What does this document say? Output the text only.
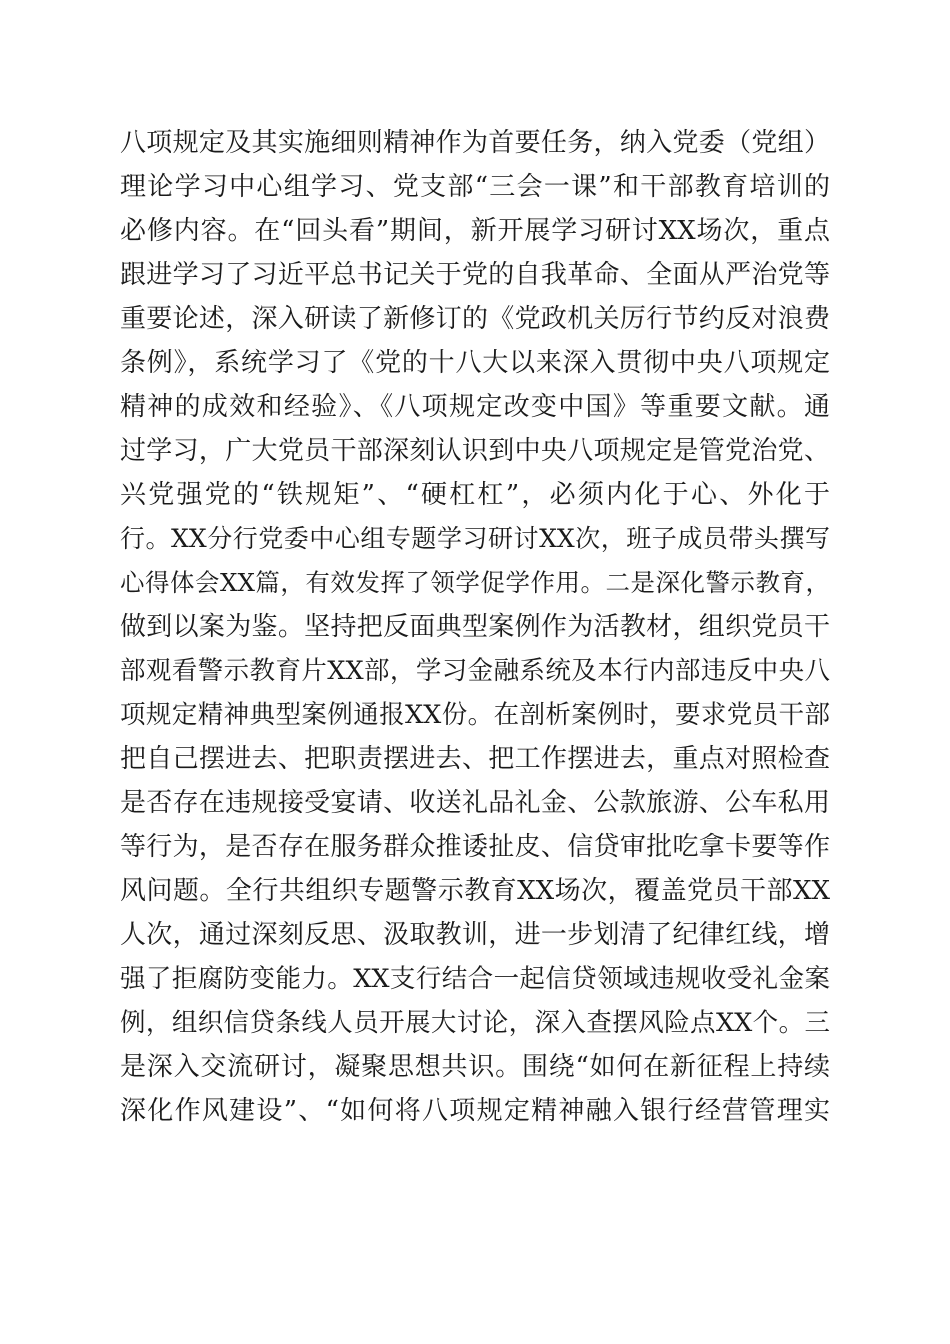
八项规定及其实施细则精神作为首要任务，纳入党委（党组）
理论学习中心组学习、党支部“三会一课”和干部教育培训的
必修内容。在“回头看”期间，新开展学习研讨XX场次，重点
跟进学习了习近平总书记关于党的自我革命、全面从严治党等
重要论述，深入研读了新修订的《党政机关厉行节约反对浪费
条例》，系统学习了《党的十八大以来深入贯彻中央八项规定
精神的成效和经验》、《八项规定改变中国》等重要文献。通
过学习，广大党员干部深刻认识到中央八项规定是管党治党、
兴党强党的“铁规矩”、“硬杠杠”，必须内化于心、外化于
行。XX分行党委中心组专题学习研讨XX次，班子成员带头撰写
心得体会XX篇，有效发挥了领学促学作用。二是深化警示教育，
做到以案为鉴。坚持把反面典型案例作为活教材，组织党员干
部观看警示教育片XX部，学习金融系统及本行内部违反中央八
项规定精神典型案例通报XX份。在剖析案例时，要求党员干部
把自己摆进去、把职责摆进去、把工作摆进去，重点对照检查
是否存在违规接受宴请、收送礼品礼金、公款旅游、公车私用
等行为，是否存在服务群众推诿扯皮、信贷审批吃拿卡要等作
风问题。全行共组织专题警示教育XX场次，覆盖党员干部XX
人次，通过深刻反思、汲取教训，进一步划清了纪律红线，增
强了拒腐防变能力。XX支行结合一起信贷领域违规收受礼金案
例，组织信贷条线人员开展大讨论，深入查摆风险点XX个。三
是深入交流研讨，凝聚思想共识。围绕“如何在新征程上持续
深化作风建设”、“如何将八项规定精神融入银行经营管理实
